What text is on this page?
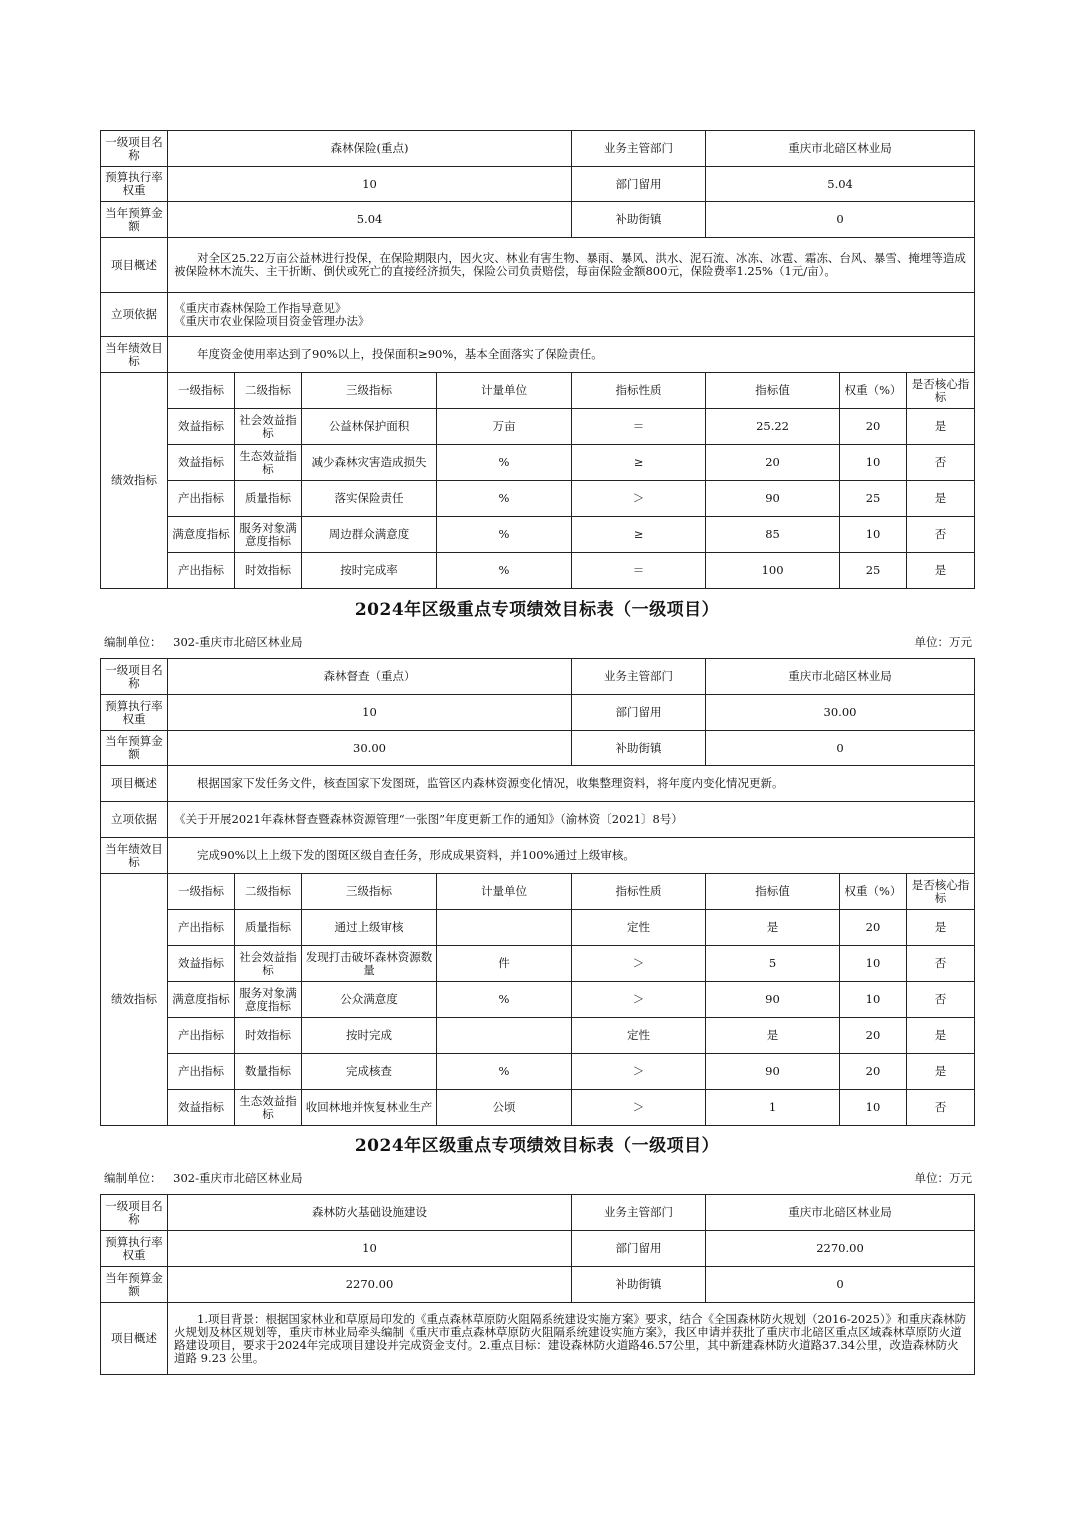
一级项目名称	森林保险(重点)				业务主管部门	重庆市北碚区林业局		
预算执行率权重	10				部门留用	5.04		
当年预算金额	5.04				补助街镇	0		
项目概述	对全区25.22万亩公益林进行投保，在保险期限内，因火灾、林业有害生物、暴雨、暴风、洪水、泥石流、冰冻、冰雹、霜冻、台风、暴雪、掩埋等造成被保险林木流失、主干折断、倒伏或死亡的直接经济损失，保险公司负责赔偿，每亩保险金额800元，保险费率1.25%（1元/亩）。							
立项依据	《重庆市森林保险工作指导意见》
《重庆市农业保险项目资金管理办法》							

当年绩效目标	年度资金使用率达到了90%以上，投保面积≥90%，基本全面落实了保险责任。							
绩效指标	一级指标	二级指标	三级指标	计量单位	指标性质	指标值	权重（%）	是否核心指标
	效益指标	社会效益指标	公益林保护面积	万亩	＝	25.22	20	是
	效益指标	生态效益指标	减少森林灾害造成损失	%	≥	20	10	否
	产出指标	质量指标	落实保险责任	%	＞	90	25	是
	满意度指标	服务对象满意度指标	周边群众满意度	%	≥	85	10	否
	产出指标	时效指标	按时完成率	%	＝	100	25	是
2024年区级重点专项绩效目标表（一级项目）
编制单位： 302-重庆市北碚区林业局	单位：万元
一级项目名称	森林督查（重点）				业务主管部门	重庆市北碚区林业局		
预算执行率权重	10				部门留用	30.00		
当年预算金额	30.00				补助街镇	0		
项目概述	根据国家下发任务文件，核查国家下发图斑，监管区内森林资源变化情况，收集整理资料，将年度内变化情况更新。							
立项依据	《关于开展2021年森林督查暨森林资源管理“一张图”年度更新工作的通知》（渝林资〔2021〕8号）							
当年绩效目标	完成90%以上上级下发的图斑区级自查任务，形成成果资料，并100%通过上级审核。							
绩效指标	一级指标	二级指标	三级指标	计量单位	指标性质	指标值	权重（%）	是否核心指标
	产出指标	质量指标	通过上级审核		定性	是	20	是
	效益指标	社会效益指标	发现打击破坏森林资源数量	件	＞	5	10	否
	满意度指标	服务对象满意度指标	公众满意度	%	＞	90	10	否
	产出指标	时效指标	按时完成		定性	是	20	是
	产出指标	数量指标	完成核查	%	＞	90	20	是
	效益指标	生态效益指标	收回林地并恢复林业生产	公顷	＞	1	10	否
2024年区级重点专项绩效目标表（一级项目）
编制单位： 302-重庆市北碚区林业局	单位：万元
一级项目名称	森林防火基础设施建设	业务主管部门	重庆市北碚区林业局
预算执行率权重	10	部门留用	2270.00
当年预算金额	2270.00	补助街镇	0
项目概述	1.项目背景：根据国家林业和草原局印发的《重点森林草原防火阻隔系统建设实施方案》要求，结合《全国森林防火规划（2016-2025）》和重庆森林防火规划及林区规划等，重庆市林业局牵头编制《重庆市重点森林草原防火阻隔系统建设实施方案》，我区申请并获批了重庆市北碚区重点区域森林草原防火道路建设项目，要求于2024年完成项目建设并完成资金支付。2.重点目标：建设森林防火道路46.57公里，其中新建森林防火道路37.34公里，改造森林防火道路 9.23 公里。		
